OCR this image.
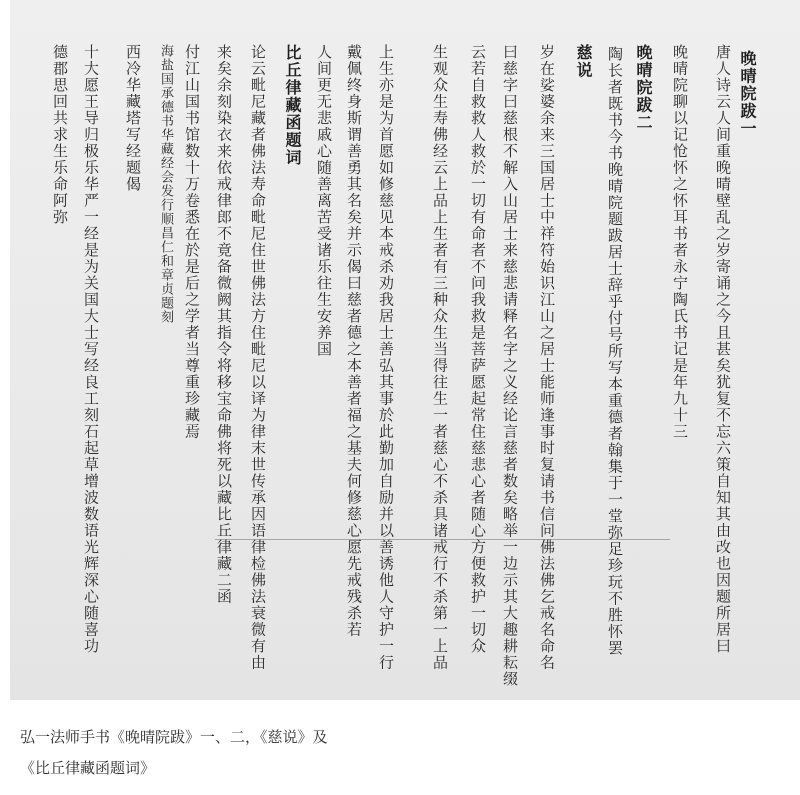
晚晴院跋一
唐人诗云人间重晚晴壁乱之岁寄诵之今且甚矣犹复不忘六策自知其由改也因题所居曰
晚晴院聊以记怆怀之怀耳书者永宁陶氏书记是年九十三
晚晴院跋二
陶长者既书今书晚晴院题跋居士辞乎付号所写本重德者翰集于一堂弥足珍玩不胜怀罢
慈说
岁在娑婆余来三国居士中祥符始识江山之居士能师逢事时复请书信问佛法佛乞戒名命名
曰慈字曰慈根不解入山居士来慈悲请释名字之义经论言慈者数矣略举一边示其大趣耕耘缀
云若自救救人救於一切有命者不问我救是菩萨愿起常住慈悲心者随心方便救护一切众
生观众生寿佛经云上品上生者有三种众生当得往生一者慈心不杀具诸戒行不杀第一上品
上生亦是为首愿如修慈见本戒杀劝我居士善弘其事於此勤加自励并以善诱他人守护一行
戴佩终身斯谓善勇其名矣并示偈曰慈者德之本善者福之基夫何修慈心愿先戒残杀若
人间更无悲戚心随善离苦受诸乐往生安养国
比丘律藏函题词
论云毗尼藏者佛法寿命毗尼住世佛法方住毗尼以译为律末世传承因语律检佛法衰微有由
来矣余刻染衣来依戒律郎不竟备微阙其指令将移宝命佛将死以藏比丘律藏二函
付江山国书馆数十万卷悉在於是后之学者当尊重珍藏焉
海盐国承德书华藏经会发行顺昌仁和章贞题刻
西冷华藏塔写经题偈
十大愿王导归极乐华严一经是为关国大士写经良工刻石起草增波数语光辉深心随喜功
德郡思回共求生乐命阿弥
弘一法师手书《晚晴院跋》一、二，《慈说》及
《比丘律藏函题词》
